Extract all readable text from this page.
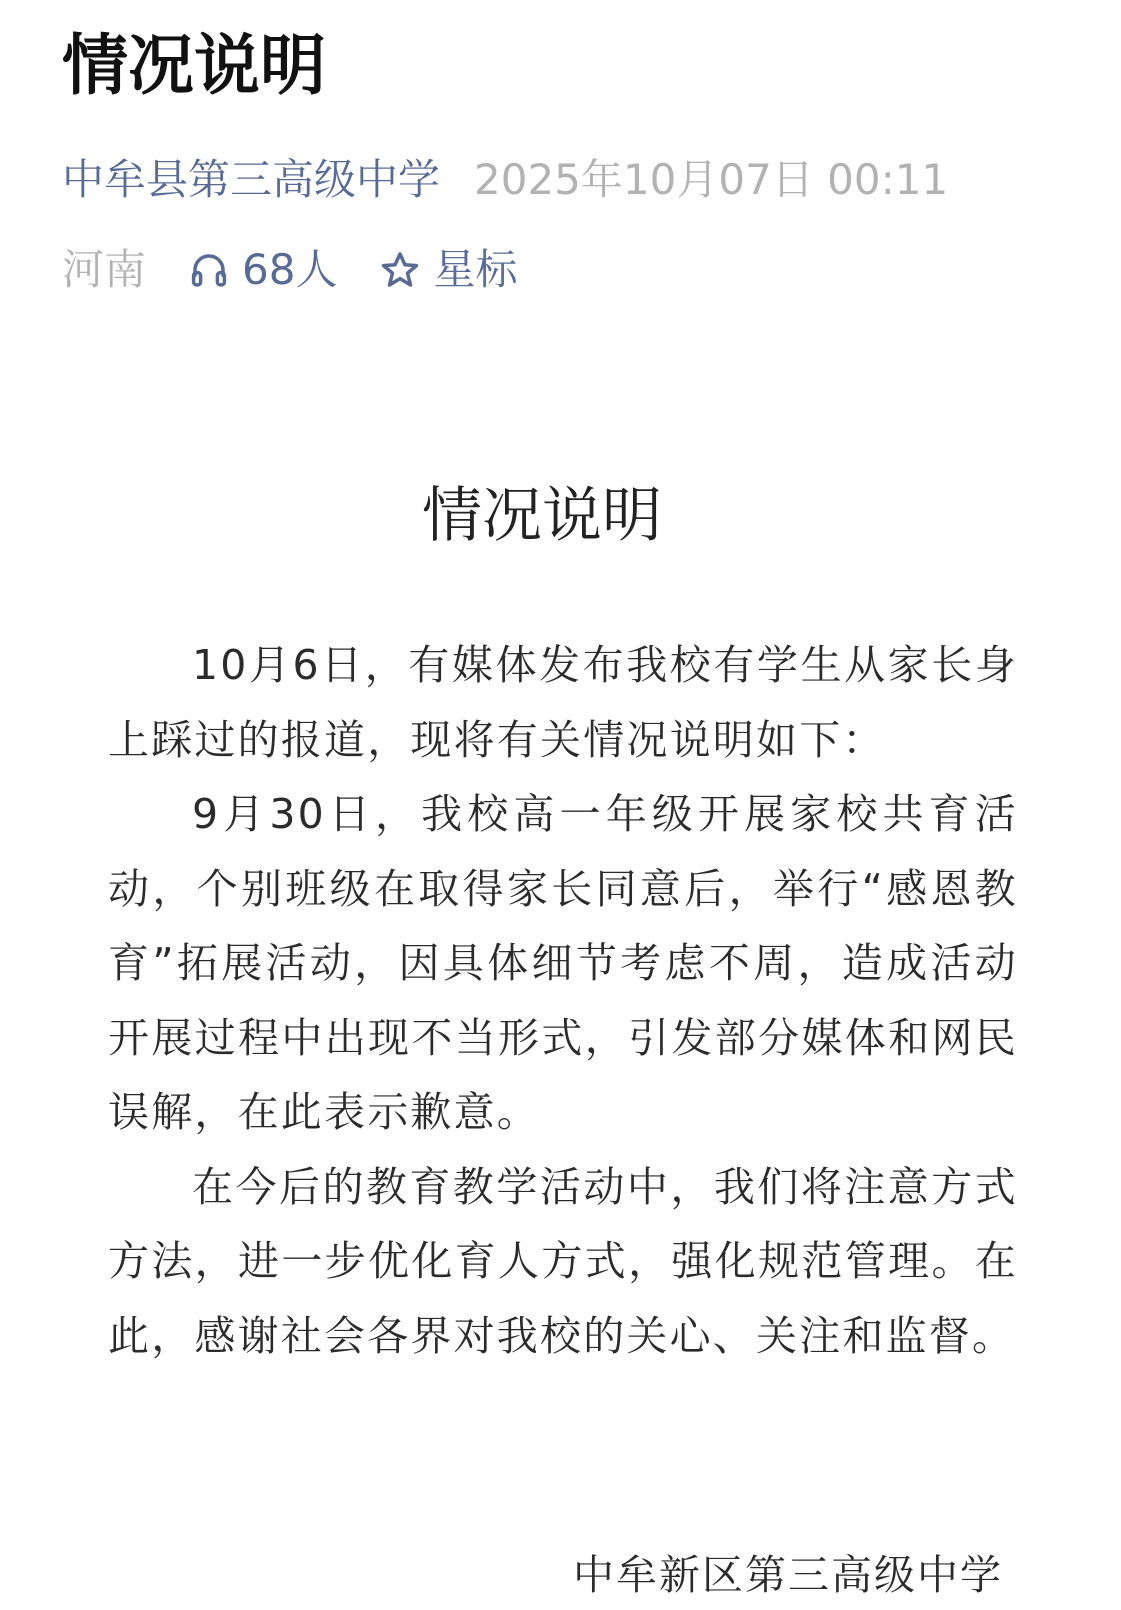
情况说明
中牟县第三高级中学 2025年10月07日 00:11
河南 68人 星标
情况说明

10月6日，有媒体发布我校有学生从家长身上踩过的报道，现将有关情况说明如下：

9月30日，我校高一年级开展家校共育活动，个别班级在取得家长同意后，举行“感恩教育”拓展活动，因具体细节考虑不周，造成活动开展过程中出现不当形式，引发部分媒体和网民误解，在此表示歉意。

在今后的教育教学活动中，我们将注意方式方法，进一步优化育人方式，强化规范管理。在此，感谢社会各界对我校的关心、关注和监督。

中牟新区第三高级中学
